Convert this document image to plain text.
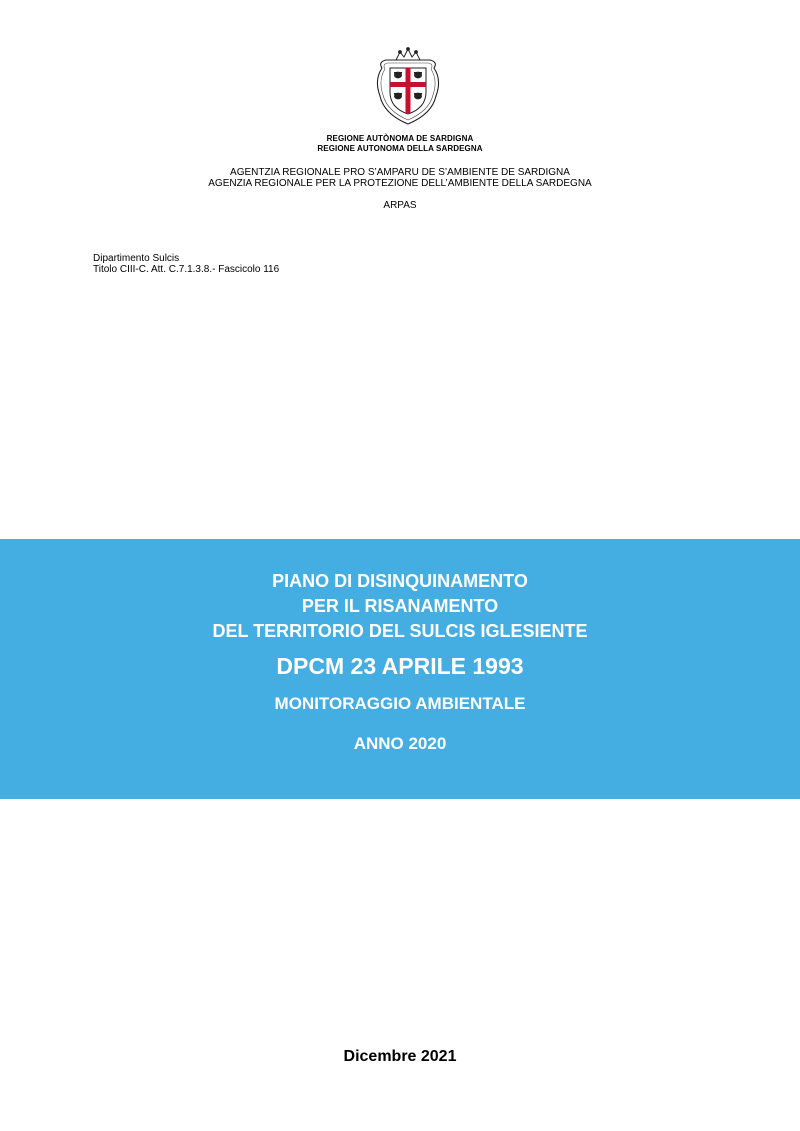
REGIONE AUTÒNOMA DE SARDIGNA
REGIONE AUTONOMA DELLA SARDEGNA
AGENTZIA REGIONALE PRO S’AMPARU DE S’AMBIENTE DE SARDIGNA
AGENZIA REGIONALE PER LA PROTEZIONE DELL’AMBIENTE DELLA SARDEGNA
ARPAS
Dipartimento Sulcis
Titolo CIII-C. Att. C.7.1.3.8.- Fascicolo 116
PIANO DI DISINQUINAMENTO
PER IL RISANAMENTO
DEL TERRITORIO DEL SULCIS IGLESIENTE
DPCM 23 APRILE 1993
MONITORAGGIO AMBIENTALE
ANNO 2020
Dicembre 2021
